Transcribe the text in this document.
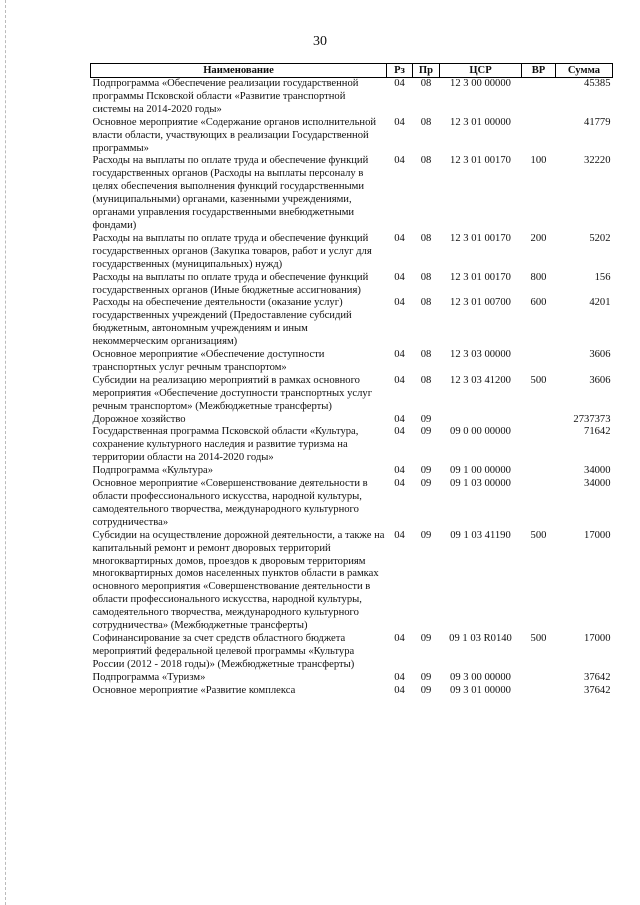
30
Наименование	Рз	Пр	ЦСР	ВР	Сумма
Подпрограмма «Обеспечение реализации государственной программы Псковской области «Развитие транспортной системы на 2014-2020 годы»	04	08	12 3 00 00000		45385
Основное мероприятие «Содержание органов исполнительной власти области, участвующих в реализации Государственной программы»	04	08	12 3 01 00000		41779
Расходы на выплаты по оплате труда и обеспечение функций государственных органов (Расходы на выплаты персоналу в целях обеспечения выполнения функций государственными (муниципальными) органами, казенными учреждениями, органами управления государственными внебюджетными фондами)	04	08	12 3 01 00170	100	32220
Расходы на выплаты по оплате труда и обеспечение функций государственных органов (Закупка товаров, работ и услуг для государственных (муниципальных) нужд)	04	08	12 3 01 00170	200	5202
Расходы на выплаты по оплате труда и обеспечение функций государственных органов (Иные бюджетные ассигнования)	04	08	12 3 01 00170	800	156
Расходы на обеспечение деятельности (оказание услуг) государственных учреждений (Предоставление субсидий бюджетным, автономным учреждениям и иным некоммерческим организациям)	04	08	12 3 01 00700	600	4201
Основное мероприятие «Обеспечение доступности транспортных услуг речным транспортом»	04	08	12 3 03 00000		3606
Субсидии на реализацию мероприятий в рамках основного мероприятия «Обеспечение доступности транспортных услуг речным транспортом» (Межбюджетные трансферты)	04	08	12 3 03 41200	500	3606
Дорожное хозяйство	04	09			2737373
Государственная программа Псковской области «Культура, сохранение культурного наследия и развитие туризма на территории области на 2014-2020 годы»	04	09	09 0 00 00000		71642
Подпрограмма «Культура»	04	09	09 1 00 00000		34000
Основное мероприятие «Совершенствование деятельности в области профессионального искусства, народной культуры, самодеятельного творчества, международного культурного сотрудничества»	04	09	09 1 03 00000		34000
Субсидии на осуществление дорожной деятельности, а также на капитальный ремонт и ремонт дворовых территорий многоквартирных домов, проездов к дворовым территориям многоквартирных домов населенных пунктов области в рамках основного мероприятия «Совершенствование деятельности в области профессионального искусства, народной культуры, самодеятельного творчества, международного культурного сотрудничества» (Межбюджетные трансферты)	04	09	09 1 03 41190	500	17000
Софинансирование за счет средств областного бюджета мероприятий федеральной целевой программы «Культура России (2012 - 2018 годы)» (Межбюджетные трансферты)	04	09	09 1 03 R0140	500	17000
Подпрограмма «Туризм»	04	09	09 3 00 00000		37642
Основное мероприятие «Развитие комплекса	04	09	09 3 01 00000		37642
